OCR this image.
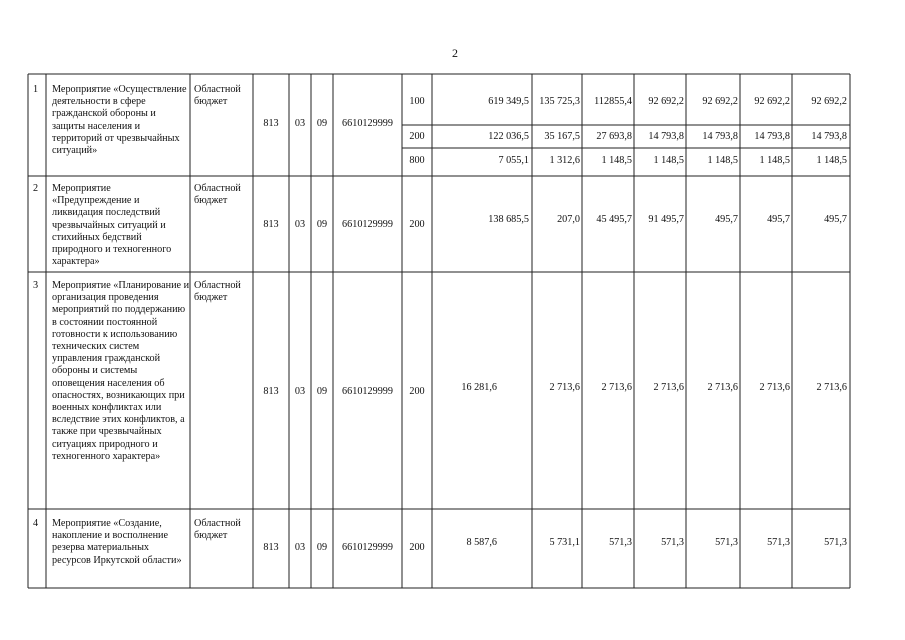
2
1 Мероприятие «Осуществление деятельности в сфере гражданской обороны и защиты населения и территорий от чрезвычайных ситуаций»
Областной бюджет
813	03	09	6610129999
100	619 349,5	135 725,3	112855,4	92 692,2	92 692,2	92 692,2	92 692,2
200	122 036,5	35 167,5	27 693,8	14 793,8	14 793,8	14 793,8	14 793,8
800	7 055,1	1 312,6	1 148,5	1 148,5	1 148,5	1 148,5	1 148,5
2 Мероприятие «Предупреждение и ликвидация последствий чрезвычайных ситуаций и стихийных бедствий природного и техногенного характера»
Областной бюджет
813	03	09	6610129999	200	138 685,5	207,0	45 495,7	91 495,7	495,7	495,7	495,7
3 Мероприятие «Планирование и организация проведения мероприятий по поддержанию в состоянии постоянной готовности к использованию технических систем управления гражданской обороны и системы оповещения населения об опасностях, возникающих при военных конфликтах или вследствие этих конфликтов, а также при чрезвычайных ситуациях природного и техногенного характера»
Областной бюджет
813	03	09	6610129999	200	16 281,6	2 713,6	2 713,6	2 713,6	2 713,6	2 713,6	2 713,6
4 Мероприятие «Создание, накопление и восполнение резерва материальных ресурсов Иркутской области»
Областной бюджет
813	03	09	6610129999	200	8 587,6	5 731,1	571,3	571,3	571,3	571,3	571,3
